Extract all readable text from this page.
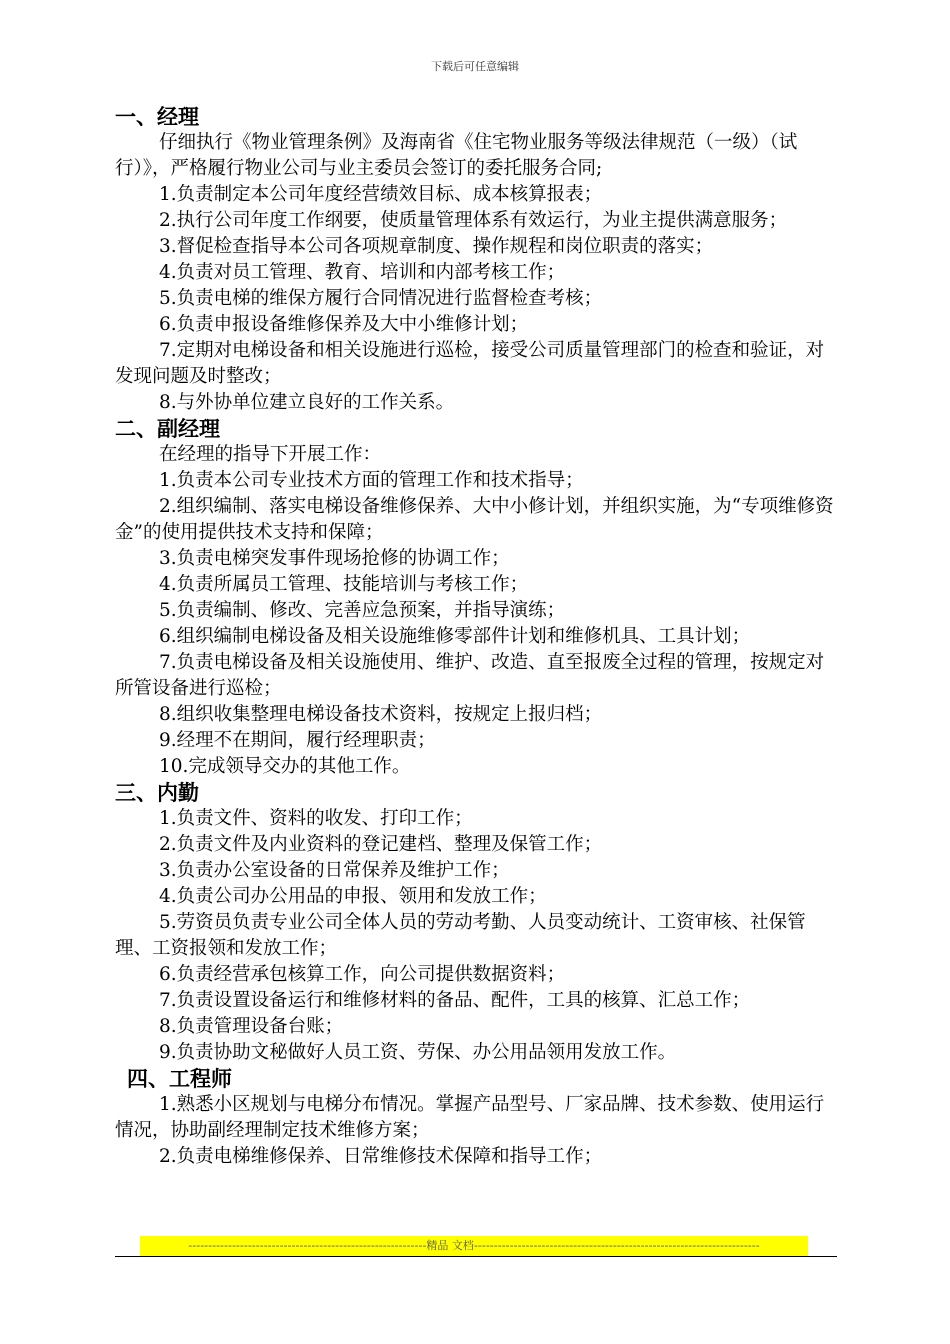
下载后可任意编辑
一、经理

仔细执行《物业管理条例》及海南省《住宅物业服务等级法律规范（一级）（试行）》，严格履行物业公司与业主委员会签订的委托服务合同;

1.负责制定本公司年度经营绩效目标、成本核算报表；

2.执行公司年度工作纲要，使质量管理体系有效运行，为业主提供满意服务；

3.督促检查指导本公司各项规章制度、操作规程和岗位职责的落实；

4.负责对员工管理、教育、培训和内部考核工作；

5.负责电梯的维保方履行合同情况进行监督检查考核；

6.负责申报设备维修保养及大中小维修计划；

7.定期对电梯设备和相关设施进行巡检，接受公司质量管理部门的检查和验证，对发现问题及时整改；

8.与外协单位建立良好的工作关系。

二、副经理

在经理的指导下开展工作：

1.负责本公司专业技术方面的管理工作和技术指导；

2.组织编制、落实电梯设备维修保养、大中小修计划，并组织实施，为“专项维修资金”的使用提供技术支持和保障；

3.负责电梯突发事件现场抢修的协调工作；

4.负责所属员工管理、技能培训与考核工作；

5.负责编制、修改、完善应急预案，并指导演练；

6.组织编制电梯设备及相关设施维修零部件计划和维修机具、工具计划；

7.负责电梯设备及相关设施使用、维护、改造、直至报废全过程的管理，按规定对所管设备进行巡检；

8.组织收集整理电梯设备技术资料，按规定上报归档；

9.经理不在期间，履行经理职责；

10.完成领导交办的其他工作。

三、内勤

1.负责文件、资料的收发、打印工作；

2.负责文件及内业资料的登记建档、整理及保管工作；

3.负责办公室设备的日常保养及维护工作；

4.负责公司办公用品的申报、领用和发放工作；

5.劳资员负责专业公司全体人员的劳动考勤、人员变动统计、工资审核、社保管理、工资报领和发放工作；

6.负责经营承包核算工作，向公司提供数据资料；

7.负责设置设备运行和维修材料的备品、配件，工具的核算、汇总工作；

8.负责管理设备台账；

9.负责协助文秘做好人员工资、劳保、办公用品领用发放工作。

四、工程师

1.熟悉小区规划与电梯分布情况。掌握产品型号、厂家品牌、技术参数、使用运行情况，协助副经理制定技术维修方案；

2.负责电梯维修保养、日常维修技术保障和指导工作；

------------------------------------------------------------精品 文档------------------------------------------------------------------------
